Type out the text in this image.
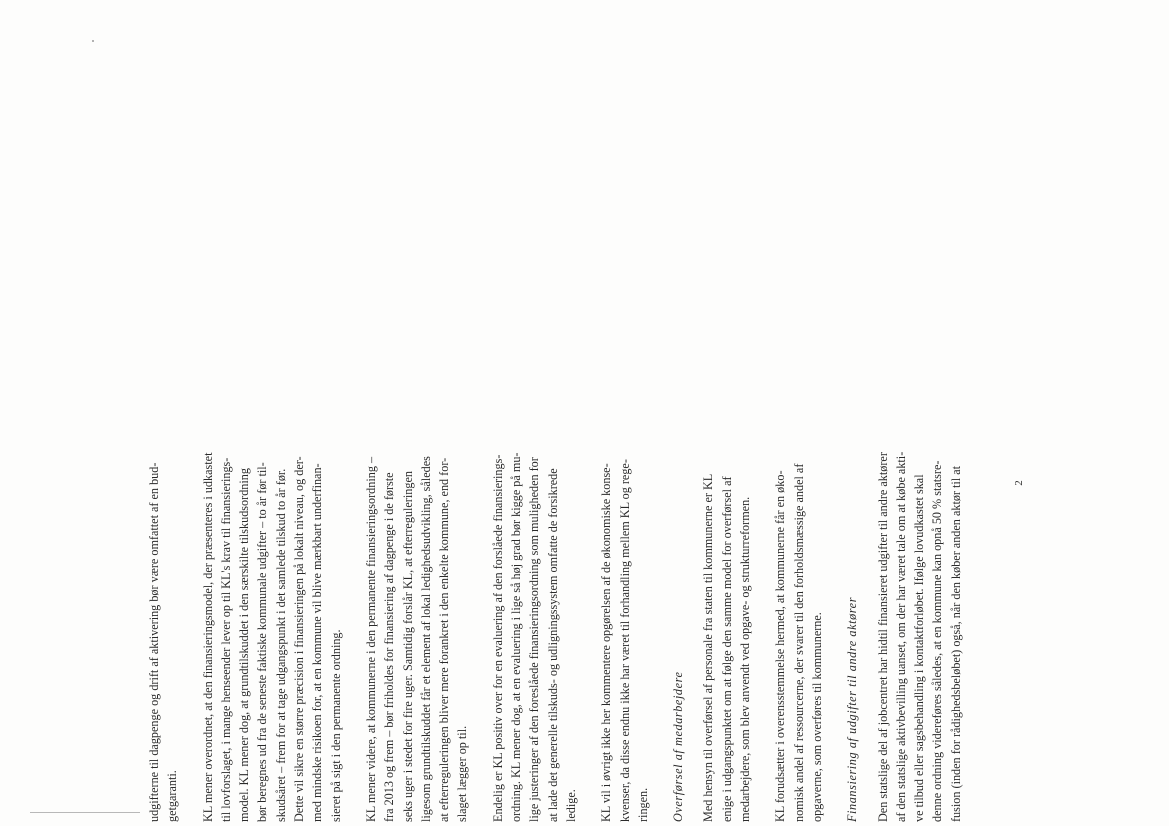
2

udgifterne til dagpenge og drift af aktivering bør være omfattet af en bud- getgaranti. KL mener overordnet, at den finansieringsmodel, der præsenteres i udkastet til lovforslaget, i mange henseender lever op til KL's krav til finansierings- model. KL mener dog, at grundtilskuddet i den særskilte tilskudsordning bør beregnes ud fra de seneste faktiske kommunale udgifter – to år før til- skudsåret – frem for at tage udgangspunkt i det samlede tilskud to år før. Dette vil sikre en større præcision i finansieringen på lokalt niveau, og der- med mindske risikoen for, at en kommune vil blive mærkbart underfinan- sieret på sigt i den permanente ordning. KL mener videre, at kommunerne i den permanente finansieringsordning – fra 2013 og frem – bør friholdes for finansiering af dagpenge i de første seks uger i stedet for fire uger. Samtidig forslår KL, at efterreguleringen ligesom grundtilskuddet får et element af lokal ledighedsudvikling, således at efterreguleringen bliver mere forankret i den enkelte kommune, end for- slaget lægger op til. Endelig er KL positiv over for en evaluering af den forslåede finansierings- ordning. KL mener dog, at en evaluering i lige så høj grad bør kigge på mu- lige justeringer af den foreslåede finansieringsordning som muligheden for at lade det generelle tilskuds- og udligningssystem omfatte de forsikrede ledige. KL vil i øvrigt ikke her kommentere opgørelsen af de økonomiske konse- kvenser, da disse endnu ikke har været til forhandling mellem KL og rege- ringen. Overførsel af medarbejdere Med hensyn til overførsel af personale fra staten til kommunerne er KL enige i udgangspunktet om at følge den samme model for overførsel af medarbejdere, som blev anvendt ved opgave- og strukturreformen. KL forudsætter i overensstemmelse hermed, at kommunerne får en øko- nomisk andel af ressourcerne, der svarer til den forholdsmæssige andel af opgaverne, som overføres til kommunerne. Finansiering af udgifter til andre aktører Den statslige del af jobcentret har hidtil finansieret udgifter til andre aktører af den statslige aktivbevilling uanset, om der har været tale om at købe akti- ve tilbud eller sagsbehandling i kontaktforløbet. Ifølge lovudkastet skal denne ordning videreføres således, at en kommune kan opnå 50 % statsre- fusion (inden for rådighedsbeløbet) også, når den køber anden aktør til at
